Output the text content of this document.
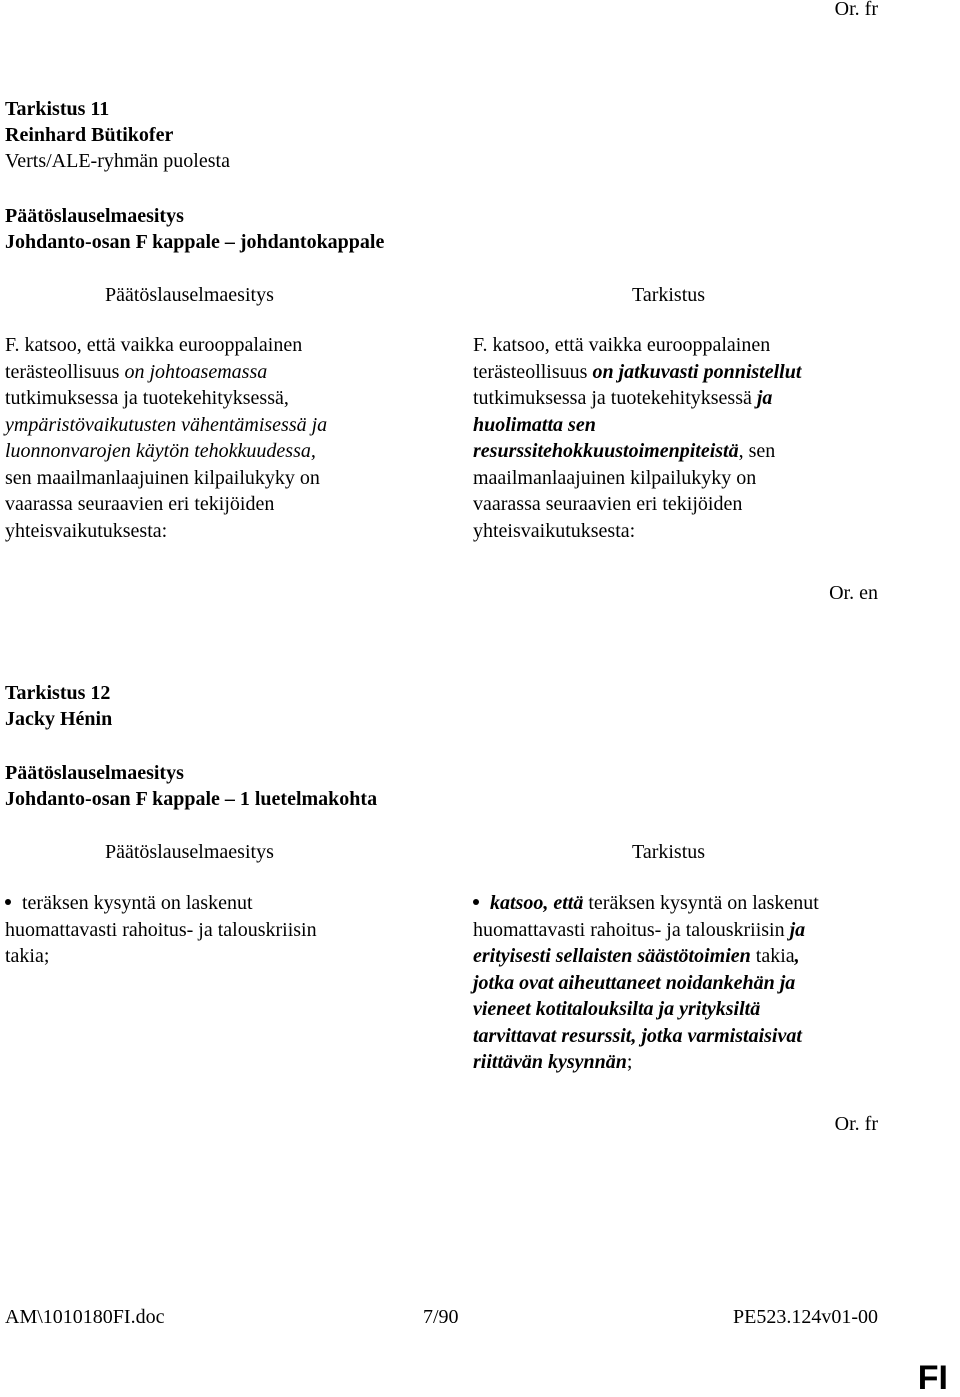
Or. fr
Tarkistus 11
Reinhard Bütikofer
Verts/ALE-ryhmän puolesta
Päätöslauselmaesitys
Johdanto-osan F kappale – johdantokappale
Päätöslauselmaesitys	Tarkistus
F. katsoo, että vaikka eurooppalainen
terästeollisuus on johtoasemassa
tutkimuksessa ja tuotekehityksessä,
ympäristövaikutusten vähentämisessä ja
luonnonvarojen käytön tehokkuudessa,
sen maailmanlaajuinen kilpailukyky on
vaarassa seuraavien eri tekijöiden
yhteisvaikutuksesta:
F. katsoo, että vaikka eurooppalainen
terästeollisuus on jatkuvasti ponnistellut
tutkimuksessa ja tuotekehityksessä ja
huolimatta sen
resurssitehokkuustoimenpiteistä, sen
maailmanlaajuinen kilpailukyky on
vaarassa seuraavien eri tekijöiden
yhteisvaikutuksesta:
Or. en
Tarkistus 12
Jacky Hénin
Päätöslauselmaesitys
Johdanto-osan F kappale – 1 luetelmakohta
Päätöslauselmaesitys	Tarkistus
teräksen kysyntä on laskenut
huomattavasti rahoitus- ja talouskriisin
takia;
katsoo, että teräksen kysyntä on laskenut
huomattavasti rahoitus- ja talouskriisin ja
erityisesti sellaisten säästötoimien takia,
jotka ovat aiheuttaneet noidankehän ja
vieneet kotitalouksilta ja yrityksiltä
tarvittavat resurssit, jotka varmistaisivat
riittävän kysynnän;
Or. fr
AM\1010180FI.doc	7/90	PE523.124v01-00
FI
